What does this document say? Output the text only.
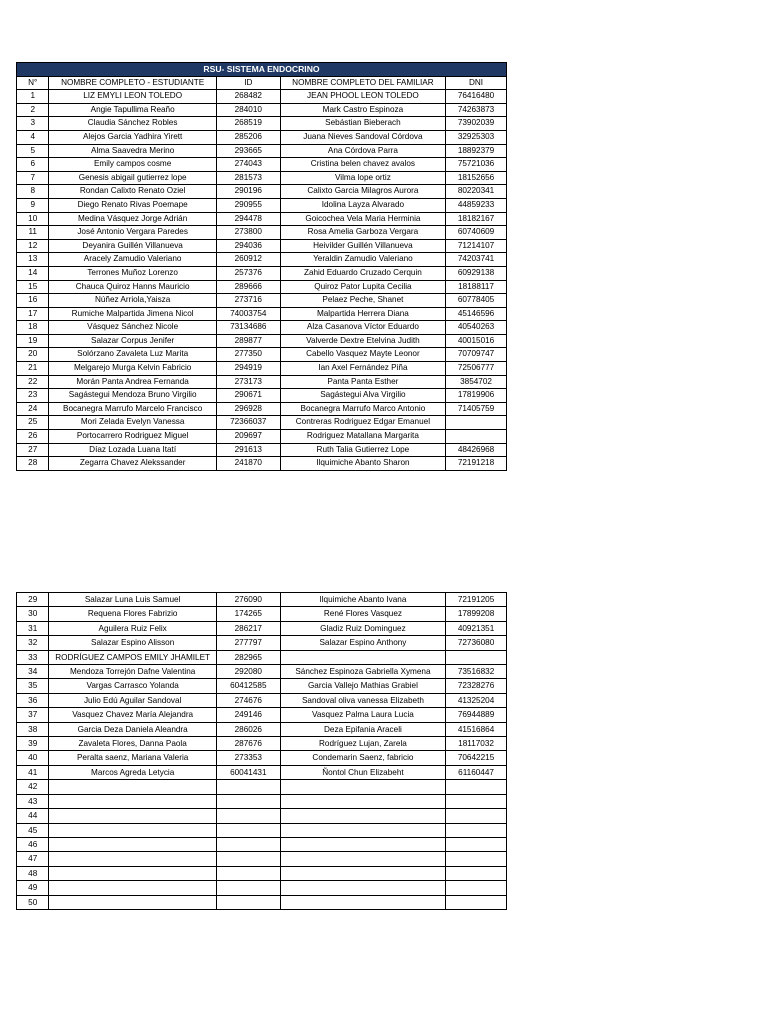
RSU- SISTEMA ENDOCRINO				
N°	NOMBRE COMPLETO - ESTUDIANTE	ID	NOMBRE COMPLETO DEL FAMILIAR	DNI
1	LIZ EMYLI LEON TOLEDO	268482	JEAN PHOOL LEON TOLEDO	76416480
2	Angie Tapullima Reaño	284010	Mark Castro Espinoza	74263873
3	Claudia Sánchez Robles	268519	Sebástian Bieberach	73902039
4	Alejos Garcia Yadhira Yirett	285206	Juana Nieves Sandoval Córdova	32925303
5	Alma Saavedra Merino	293665	Ana Córdova Parra	18892379
6	Emily campos cosme	274043	Cristina belen chavez avalos	75721036
7	Genesis abigail gutierrez lope	281573	Vilma lope ortiz	18152656
8	Rondan Calixto Renato Oziel	290196	Calixto Garcia Milagros Aurora	80220341
9	Diego Renato Rivas Poemape	290955	Idolina Layza Alvarado	44859233
10	Medina Vásquez Jorge Adrián	294478	Goicochea Vela Maria Herminia	18182167
11	José Antonio Vergara Paredes	273800	Rosa Amelia Garboza Vergara	60740609
12	Deyanira Guillén Villanueva	294036	Heivilder Guillén Villanueva	71214107
13	Aracely Zamudio Valeriano	260912	Yeraldin Zamudio Valeriano	74203741
14	Terrones Muñoz Lorenzo	257376	Zahid Eduardo Cruzado Cerquin	60929138
15	Chauca Quiroz Hanns Mauricio	289666	Quiroz Pator Lupita Cecilia	18188117
16	Núñez Arriola,Yaisza	273716	Pelaez Peche, Shanet	60778405
17	Rumiche Malpartida Jimena Nicol	74003754	Malpartida Herrera Diana	45146596
18	Vásquez Sánchez Nicole	73134686	Alza Casanova Víctor Eduardo	40540263
19	Salazar Corpus Jenifer	289877	Valverde Dextre Etelvina Judith	40015016
20	Solórzano Zavaleta Luz Marita	277350	Cabello Vasquez Mayte Leonor	70709747
21	Melgarejo Murga Kelvin Fabricio	294919	Ian Axel Fernández Piña	72506777
22	Morán Panta Andrea Fernanda	273173	Panta Panta Esther	3854702
23	Sagástegui Mendoza Bruno Virgilio	290671	Sagástegui Alva Virgilio	17819906
24	Bocanegra Marrufo Marcelo Francisco	296928	Bocanegra Marrufo Marco Antonio	71405759
25	Mori Zelada Evelyn Vanessa	72366037	Contreras Rodriguez Edgar Emanuel	
26	Portocarrero Rodriguez Miguel	209697	Rodriguez Matallana Margarita	
27	Díaz Lozada Luana Itatí	291613	Ruth Talia Gutierrez Lope	48426968
28	Zegarra Chavez Alekssander	241870	Ilquimiche Abanto Sharon	72191218
29	Salazar Luna Luis Samuel	276090	Ilquimiche Abanto Ivana	72191205
30	Requena Flores Fabrizio	174265	René Flores Vasquez	17899208
31	Aguilera Ruiz Felix	286217	Gladiz Ruiz Dominguez	40921351
32	Salazar Espino Alisson	277797	Salazar Espino Anthony	72736080
33	RODRÍGUEZ CAMPOS EMILY JHAMILET	282965		
34	Mendoza Torrejón Dafne Valentina	292080	Sánchez Espinoza Gabriella Xymena	73516832
35	Vargas Carrasco Yolanda	60412585	Garcia Vallejo Mathias Grabiel	72328276
36	Julio Edú Aguilar Sandoval	274676	Sandoval oliva vanessa Elizabeth	41325204
37	Vasquez Chavez María Alejandra	249146	Vasquez Palma Laura Lucia	76944889
38	Garcia Deza Daniela Aleandra	286026	Deza Epifania Araceli	41516864
39	Zavaleta Flores, Danna Paola	287676	Rodríguez Lujan, Zarela	18117032
40	Peralta saenz, Mariana Valeria	273353	Condemarin Saenz, fabricio	70642215
41	Marcos Agreda Letycia	60041431	Ñontol Chun Elizabeht	61160447
42				
43				
44				
45				
46				
47				
48				
49				
50				
